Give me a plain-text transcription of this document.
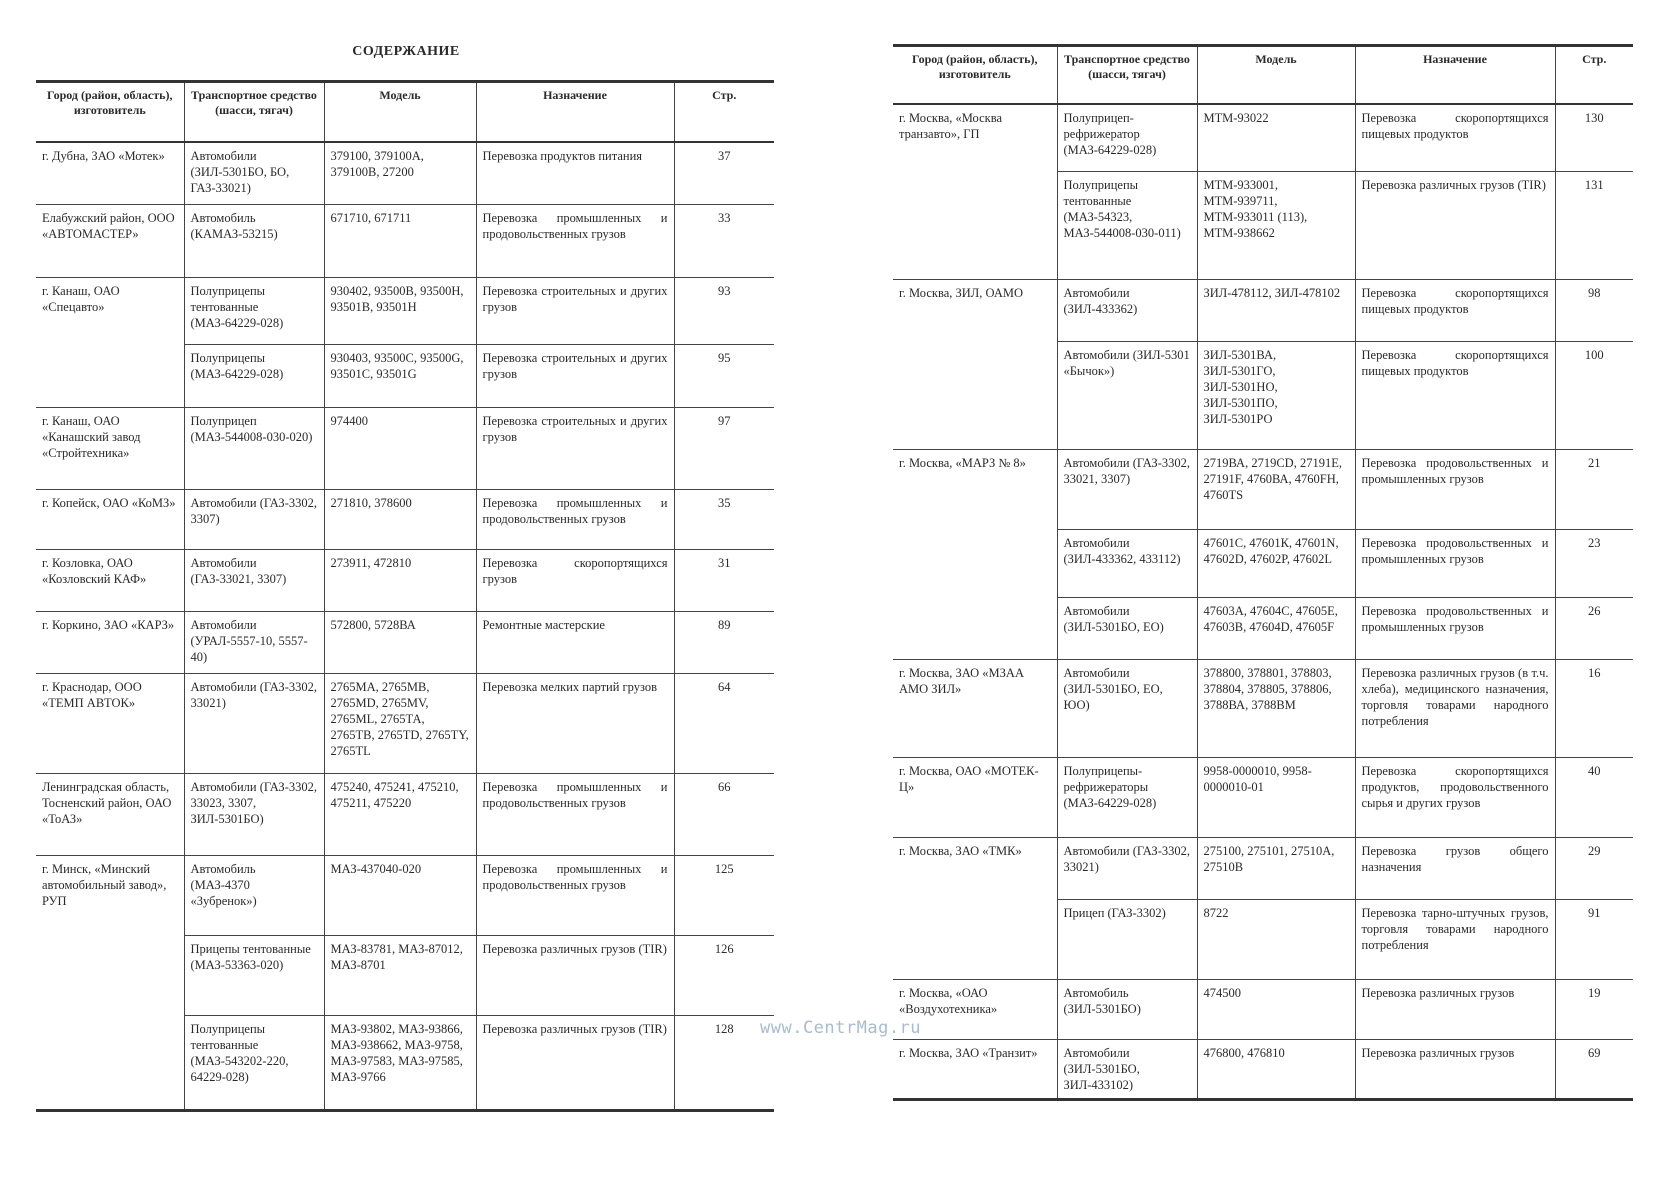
СОДЕРЖАНИЕ
Город (район, область), изготовитель	Транспортное средство (шасси, тягач)	Модель	Назначение	Стр.
г. Дубна, ЗАО «Мотек»	Автомобили (ЗИЛ-5301БО, БО, ГАЗ-33021)	379100, 379100А, 379100В, 27200	Перевозка продуктов питания	37
Елабужский район, ООО «АВТОМАСТЕР»	Автомобиль (КАМАЗ-53215)	671710, 671711	Перевозка промышленных и продовольственных грузов	33
г. Канаш, ОАО «Спецавто»	Полуприцепы тентованные (МАЗ-64229-028)	930402, 93500В, 93500Н, 93501В, 93501Н	Перевозка строительных и других грузов	93
	Полуприцепы (МАЗ-64229-028)	930403, 93500С, 93500G, 93501С, 93501G	Перевозка строительных и других грузов	95
г. Канаш, ОАО «Канашский завод «Стройтехника»	Полуприцеп (МАЗ-544008-030-020)	974400	Перевозка строительных и других грузов	97
г. Копейск, ОАО «КоМЗ»	Автомобили (ГАЗ-3302, 3307)	271810, 378600	Перевозка промышленных и продовольственных грузов	35
г. Козловка, ОАО «Козловский КАФ»	Автомобили (ГАЗ-33021, 3307)	273911, 472810	Перевозка скоропортящихся грузов	31
г. Коркино, ЗАО «КАРЗ»	Автомобили (УРАЛ-5557-10, 5557-40)	572800, 5728ВА	Ремонтные мастерские	89
г. Краснодар, ООО «ТЕМП АВТОК»	Автомобили (ГАЗ-3302, 33021)	2765МА, 2765МВ, 2765МD, 2765МV, 2765МL, 2765ТА, 2765ТВ, 2765ТD, 2765ТY, 2765ТL	Перевозка мелких партий грузов	64
Ленинградская область, Тосненский район, ОАО «ТоАЗ»	Автомобили (ГАЗ-3302, 33023, 3307, ЗИЛ-5301БО)	475240, 475241, 475210, 475211, 475220	Перевозка промышленных и продовольственных грузов	66
г. Минск, «Минский автомобильный завод», РУП	Автомобиль (МАЗ-4370 «Зубренок»)	МАЗ-437040-020	Перевозка промышленных и продовольственных грузов	125
	Прицепы тентованные (МАЗ-53363-020)	МАЗ-83781, МАЗ-87012, МАЗ-8701	Перевозка различных грузов (TIR)	126
	Полуприцепы тентованные (МАЗ-543202-220, 64229-028)	МАЗ-93802, МАЗ-93866, МАЗ-938662, МАЗ-9758, МАЗ-97583, МАЗ-97585, МАЗ-9766	Перевозка различных грузов (TIR)	128
Город (район, область), изготовитель	Транспортное средство (шасси, тягач)	Модель	Назначение	Стр.
г. Москва, «Москва транзавто», ГП	Полуприцеп-рефрижератор (МАЗ-64229-028)	МТМ-93022	Перевозка скоропортящихся пищевых продуктов	130
	Полуприцепы тентованные (МАЗ-54323, МАЗ-544008-030-011)	МТМ-933001, МТМ-939711, МТМ-933011 (113), МТМ-938662	Перевозка различных грузов (TIR)	131
г. Москва, ЗИЛ, ОАМО	Автомобили (ЗИЛ-433362)	ЗИЛ-478112, ЗИЛ-478102	Перевозка скоропортящихся пищевых продуктов	98
	Автомобили (ЗИЛ-5301 «Бычок»)	ЗИЛ-5301ВА, ЗИЛ-5301ГО, ЗИЛ-5301НО, ЗИЛ-5301ПО, ЗИЛ-5301РО	Перевозка скоропортящихся пищевых продуктов	100
г. Москва, «МАРЗ № 8»	Автомобили (ГАЗ-3302, 33021, 3307)	2719ВА, 2719СD, 27191Е, 27191F, 4760ВА, 4760FН, 4760ТS	Перевозка продовольственных и промышленных грузов	21
	Автомобили (ЗИЛ-433362, 433112)	47601С, 47601К, 47601N, 47602D, 47602P, 47602L	Перевозка продовольственных и промышленных грузов	23
	Автомобили (ЗИЛ-5301БО, ЕО)	47603А, 47604С, 47605Е, 47603В, 47604D, 47605F	Перевозка продовольственных и промышленных грузов	26
г. Москва, ЗАО «МЗАА АМО ЗИЛ»	Автомобили (ЗИЛ-5301БО, ЕО, ЮО)	378800, 378801, 378803, 378804, 378805, 378806, 3788ВА, 3788ВМ	Перевозка различных грузов (в т.ч. хлеба), медицинского назначения, торговля товарами народного потребления	16
г. Москва, ОАО «МОТЕК-Ц»	Полуприцепы-рефрижераторы (МАЗ-64229-028)	9958-0000010, 9958-0000010-01	Перевозка скоропортящихся продуктов, продовольственного сырья и других грузов	40
г. Москва, ЗАО «ТМК»	Автомобили (ГАЗ-3302, 33021)	275100, 275101, 27510А, 27510В	Перевозка грузов общего назначения	29
	Прицеп (ГАЗ-3302)	8722	Перевозка тарно-штучных грузов, торговля товарами народного потребления	91
г. Москва, «ОАО «Воздухотехника»	Автомобиль (ЗИЛ-5301БО)	474500	Перевозка различных грузов	19
г. Москва, ЗАО «Транзит»	Автомобили (ЗИЛ-5301БО, ЗИЛ-433102)	476800, 476810	Перевозка различных грузов	69
www.CentrMag.ru
